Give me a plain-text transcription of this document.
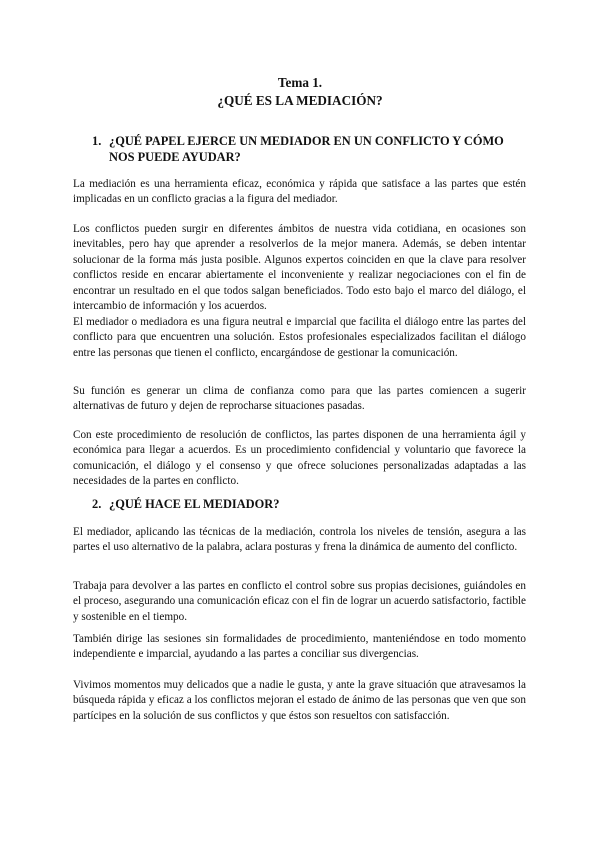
Tema 1.
¿QUÉ ES LA MEDIACIÓN?
1. ¿QUÉ PAPEL EJERCE UN MEDIADOR EN UN CONFLICTO Y CÓMO NOS PUEDE AYUDAR?

La mediación es una herramienta eficaz, económica y rápida que satisface a las partes que estén implicadas en un conflicto gracias a la figura del mediador.

Los conflictos pueden surgir en diferentes ámbitos de nuestra vida cotidiana, en ocasiones son inevitables, pero hay que aprender a resolverlos de la mejor manera. Además, se deben intentar solucionar de la forma más justa posible. Algunos expertos coinciden en que la clave para resolver conflictos reside en encarar abiertamente el inconveniente y realizar negociaciones con el fin de encontrar un resultado en el que todos salgan beneficiados. Todo esto bajo el marco del diálogo, el intercambio de información y los acuerdos.

El mediador o mediadora es una figura neutral e imparcial que facilita el diálogo entre las partes del conflicto para que encuentren una solución. Estos profesionales especializados facilitan el diálogo entre las personas que tienen el conflicto, encargándose de gestionar la comunicación.

Su función es generar un clima de confianza como para que las partes comiencen a sugerir alternativas de futuro y dejen de reprocharse situaciones pasadas.

Con este procedimiento de resolución de conflictos, las partes disponen de una herramienta ágil y económica para llegar a acuerdos. Es un procedimiento confidencial y voluntario que favorece la comunicación, el diálogo y el consenso y que ofrece soluciones personalizadas adaptadas a las necesidades de la partes en conflicto.

2. ¿QUÉ HACE EL MEDIADOR?

El mediador, aplicando las técnicas de la mediación, controla los niveles de tensión, asegura a las partes el uso alternativo de la palabra, aclara posturas y frena la dinámica de aumento del conflicto.

Trabaja para devolver a las partes en conflicto el control sobre sus propias decisiones, guiándoles en el proceso, asegurando una comunicación eficaz con el fin de lograr un acuerdo satisfactorio, factible y sostenible en el tiempo.

También dirige las sesiones sin formalidades de procedimiento, manteniéndose en todo momento independiente e imparcial, ayudando a las partes a conciliar sus divergencias.

Vivimos momentos muy delicados que a nadie le gusta, y ante la grave situación que atravesamos la búsqueda rápida y eficaz a los conflictos mejoran el estado de ánimo de las personas que ven que son partícipes en la solución de sus conflictos y que éstos son resueltos con satisfacción.
